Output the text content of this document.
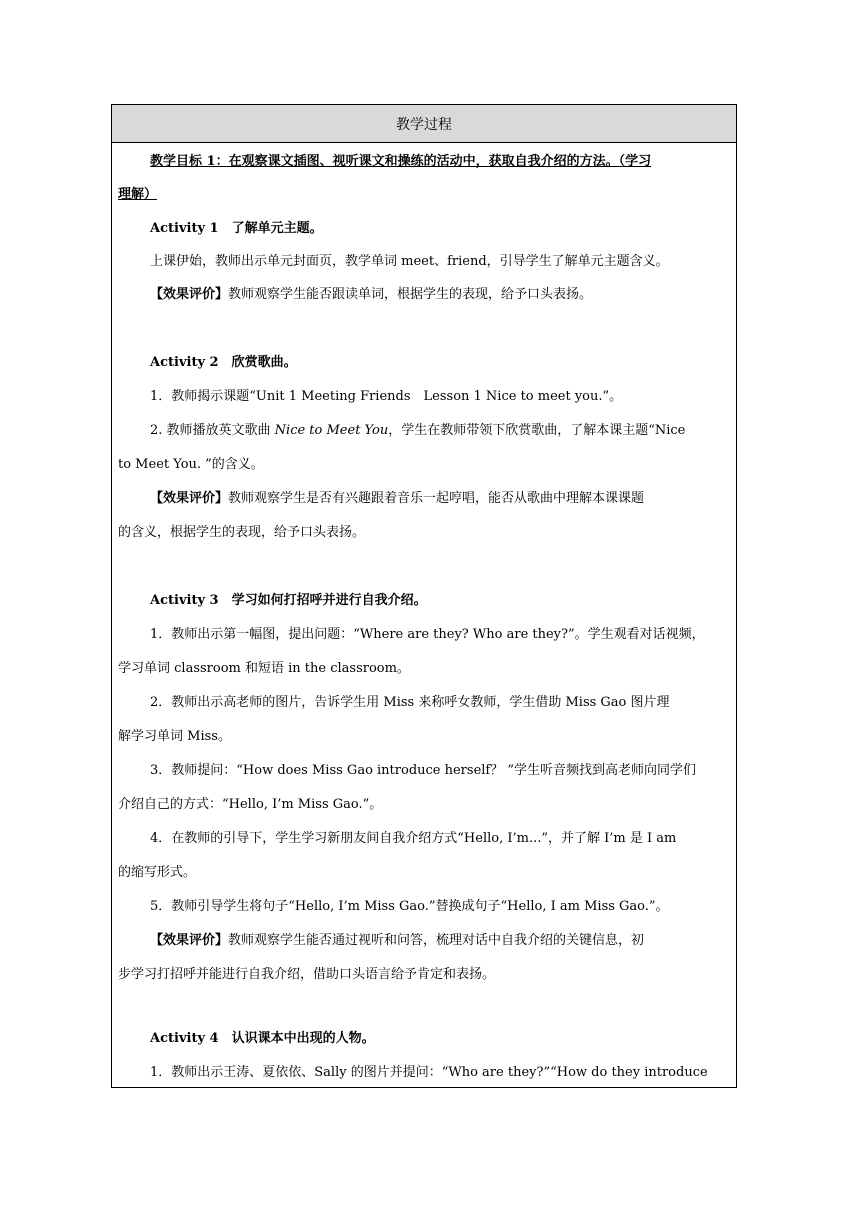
教学过程
教学目标 1：在观察课文插图、视听课文和操练的活动中，获取自我介绍的方法。（学习
理解）
Activity 1　了解单元主题。
上课伊始，教师出示单元封面页，教学单词 meet、friend，引导学生了解单元主题含义。
【效果评价】教师观察学生能否跟读单词，根据学生的表现，给予口头表扬。
Activity 2　欣赏歌曲。
1．教师揭示课题“Unit 1 Meeting Friends　Lesson 1 Nice to meet you.”。
2. 教师播放英文歌曲 Nice to Meet You，学生在教师带领下欣赏歌曲，了解本课主题“Nice
to Meet You. ”的含义。
【效果评价】教师观察学生是否有兴趣跟着音乐一起哼唱，能否从歌曲中理解本课课题
的含义，根据学生的表现，给予口头表扬。
Activity 3　学习如何打招呼并进行自我介绍。
1．教师出示第一幅图，提出问题：“Where are they? Who are they?”。学生观看对话视频，
学习单词 classroom 和短语 in the classroom。
2．教师出示高老师的图片，告诉学生用 Miss 来称呼女教师，学生借助 Miss Gao 图片理
解学习单词 Miss。
3．教师提问：“How does Miss Gao introduce herself？ ”学生听音频找到高老师向同学们
介绍自己的方式：“Hello, I’m Miss Gao.”。
4．在教师的引导下，学生学习新朋友间自我介绍方式“Hello, I’m...”，并了解 I’m 是 I am
的缩写形式。
5．教师引导学生将句子“Hello, I’m Miss Gao.”替换成句子“Hello, I am Miss Gao.”。
【效果评价】教师观察学生能否通过视听和问答，梳理对话中自我介绍的关键信息，初
步学习打招呼并能进行自我介绍，借助口头语言给予肯定和表扬。
Activity 4　认识课本中出现的人物。
1．教师出示王涛、夏依依、Sally 的图片并提问：“Who are they?”“How do they introduce
